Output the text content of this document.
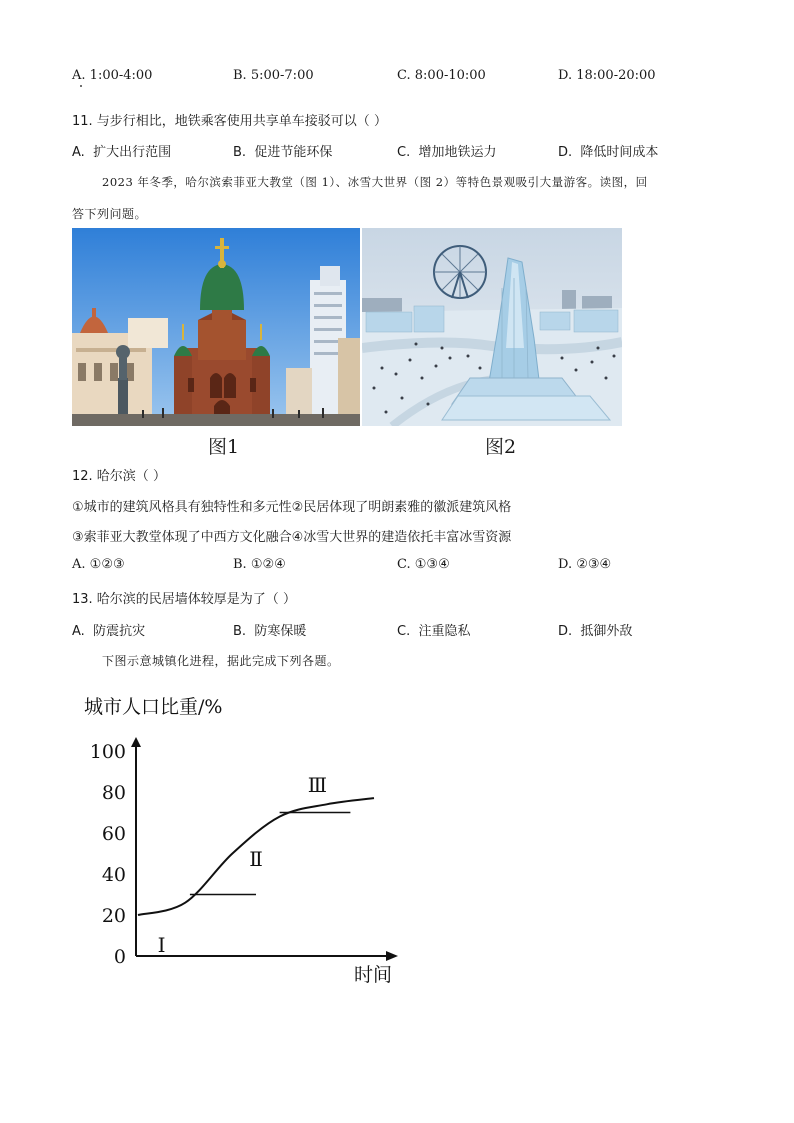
A. 1:00-4:00	B. 5:00-7:00	C. 8:00-10:00	D. 18:00-20:00
11. 与步行相比，地铁乘客使用共享单车接驳可以（ ）
A. 扩大出行范围	B. 促进节能环保	C. 增加地铁运力	D. 降低时间成本
2023 年冬季，哈尔滨索菲亚大教堂（图 1）、冰雪大世界（图 2）等特色景观吸引大量游客。读图，回
答下列问题。
图1	图2
12. 哈尔滨（ ）
①城市的建筑风格具有独特性和多元性②民居体现了明朗素雅的徽派建筑风格
③索菲亚大教堂体现了中西方文化融合④冰雪大世界的建造依托丰富冰雪资源
A. ①②③	B. ①②④	C. ①③④	D. ②③④
13. 哈尔滨的民居墙体较厚是为了（ ）
A. 防震抗灾	B. 防寒保暖	C. 注重隐私	D. 抵御外敌
下图示意城镇化进程，据此完成下列各题。
城市人口比重/%
时间
0
20
40
60
80
100
Ⅰ
Ⅱ
Ⅲ
